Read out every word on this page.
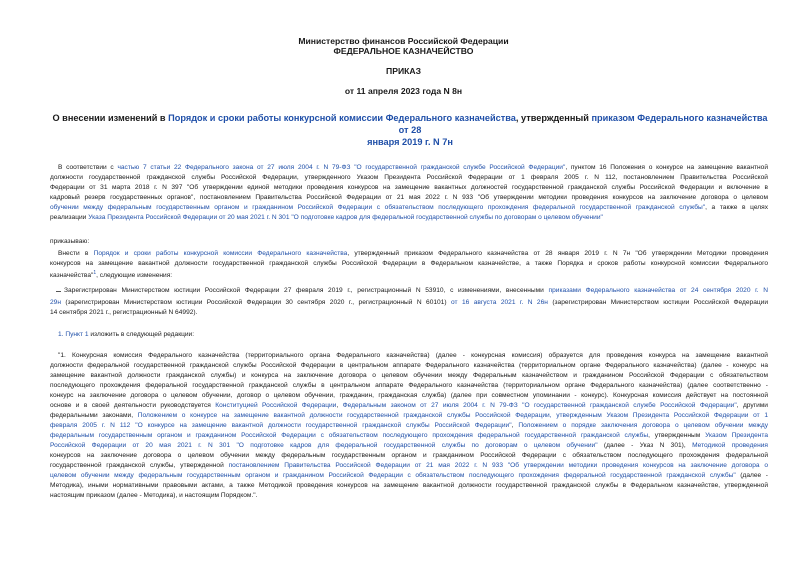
Министерство финансов Российской Федерации
ФЕДЕРАЛЬНОЕ КАЗНАЧЕЙСТВО
ПРИКАЗ
от 11 апреля 2023 года N 8н
О внесении изменений в Порядок и сроки работы конкурсной комиссии Федерального казначейства, утвержденный приказом Федерального казначейства от 28
января 2019 г. N 7н
В соответствии с частью 7 статьи 22 Федерального закона от 27 июля 2004 г. N 79-ФЗ "О государственной гражданской службе Российской Федерации", пунктом 16 Положения о конкурсе на замещение вакантной
должности государственной гражданской службы Российской Федерации, утвержденного Указом Президента Российской Федерации от 1 февраля 2005 г. N 112, постановлением Правительства Российской
Федерации от 31 марта 2018 г. N 397 "Об утверждении единой методики проведения конкурсов на замещение вакантных должностей государственной гражданской службы Российской Федерации и включение в
кадровый резерв государственных органов", постановлением Правительства Российской Федерации от 21 мая 2022 г. N 933 "Об утверждении методики проведения конкурсов на заключение договора о целевом
обучении между федеральным государственным органом и гражданином Российской Федерации с обязательством последующего прохождения федеральной государственной гражданской службы", а также в целях
реализации Указа Президента Российской Федерации от 20 мая 2021 г. N 301 "О подготовке кадров для федеральной государственной службы по договорам о целевом обучении"
приказываю:
Внести в Порядок и сроки работы конкурсной комиссии Федерального казначейства, утвержденный приказом Федерального казначейства от 28 января 2019 г. N 7н "Об утверждении Методики проведения
конкурсов на замещение вакантной должности государственной гражданской службы Российской Федерации в Федеральном казначействе, а также Порядка и сроков работы конкурсной комиссии Федерального
казначейства"$^1$, следующие изменения:
Зарегистрирован Министерством юстиции Российской Федерации 27 февраля 2019 г., регистрационный N 53910, с изменениями, внесенными приказами Федерального казначейства от 24 сентября 2020 г. N
29н (зарегистрирован Министерством юстиции Российской Федерации 30 сентября 2020 г., регистрационный N 60101) от 16 августа 2021 г. N 26н (зарегистрирован Министерством юстиции Российской Федерации
14 сентября 2021 г., регистрационный N 64992).
1. Пункт 1 изложить в следующей редакции:
"1. Конкурсная комиссия Федерального казначейства (территориального органа Федерального казначейства) (далее - конкурсная комиссия) образуется для проведения конкурса на замещение вакантной
должности федеральной государственной гражданской службы Российской Федерации в центральном аппарате Федерального казначейства (территориальном органе Федерального казначейства) (далее - конкурс на
замещение вакантной должности гражданской службы) и конкурса на заключение договора о целевом обучении между Федеральным казначейством и гражданином Российской Федерации с обязательством
последующего прохождения федеральной государственной гражданской службы в центральном аппарате Федерального казначейства (территориальном органе Федерального казначейства) (далее соответственно -
конкурс на заключение договора о целевом обучении, договор о целевом обучении, гражданин, гражданская служба) (далее при совместном упоминании - конкурс). Конкурсная комиссия действует на постоянной
основе и в своей деятельности руководствуется Конституцией Российской Федерации, Федеральным законом от 27 июля 2004 г. N 79-ФЗ "О государственной гражданской службе Российской Федерации", другими
федеральными законами, Положением о конкурсе на замещение вакантной должности государственной гражданской службы Российской Федерации, утвержденным Указом Президента Российской Федерации от 1
февраля 2005 г. N 112 "О конкурсе на замещение вакантной должности государственной гражданской службы Российской Федерации", Положением о порядке заключения договора о целевом обучении между
федеральным государственным органом и гражданином Российской Федерации с обязательством последующего прохождения федеральной государственной гражданской службы, утвержденным Указом Президента
Российской Федерации от 20 мая 2021 г. N 301 "О подготовке кадров для федеральной государственной службы по договорам о целевом обучении" (далее - Указ N 301), Методикой проведения
конкурсов на заключение договора о целевом обучении между федеральным государственным органом и гражданином Российской Федерации с обязательством последующего прохождения федеральной
государственной гражданской службы, утвержденной постановлением Правительства Российской Федерации от 21 мая 2022 г. N 933 "Об утверждении методики проведения конкурсов на заключение договора о
целевом обучении между федеральным государственным органом и гражданином Российской Федерации с обязательством последующего прохождения федеральной государственной гражданской службы" (далее -
Методика), иными нормативными правовыми актами, а также Методикой проведения конкурсов на замещение вакантной должности государственной гражданской службы в Федеральном казначействе, утвержденной
настоящим приказом (далее - Методика), и настоящим Порядком.".
